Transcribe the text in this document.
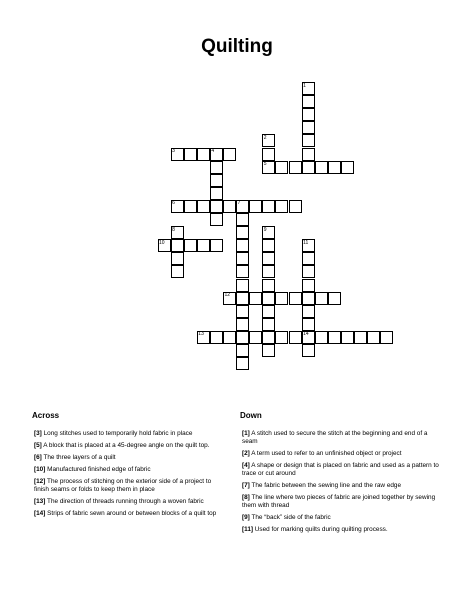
Quilting
1
2
3	4
5
6	7
8	9
10	11
12
13	14
Across
[3] Long stitches used to temporarily hold fabric in place
[5] A block that is placed at a 45-degree angle on the quilt top.
[6] The three layers of a quilt
[10] Manufactured finished edge of fabric
[12] The process of stitching on the exterior side of a project to finish seams or folds to keep them in place
[13] The direction of threads running through a woven fabric
[14] Strips of fabric sewn around or between blocks of a quilt top
Down
[1] A stitch used to secure the stitch at the beginning and end of a seam
[2] A term used to refer to an unfinished object or project
[4] A shape or design that is placed on fabric and used as a pattern to trace or cut around
[7] The fabric between the sewing line and the raw edge
[8] The line where two pieces of fabric are joined together by sewing them with thread
[9] The “back” side of the fabric
[11] Used for marking quilts during quilting process.
